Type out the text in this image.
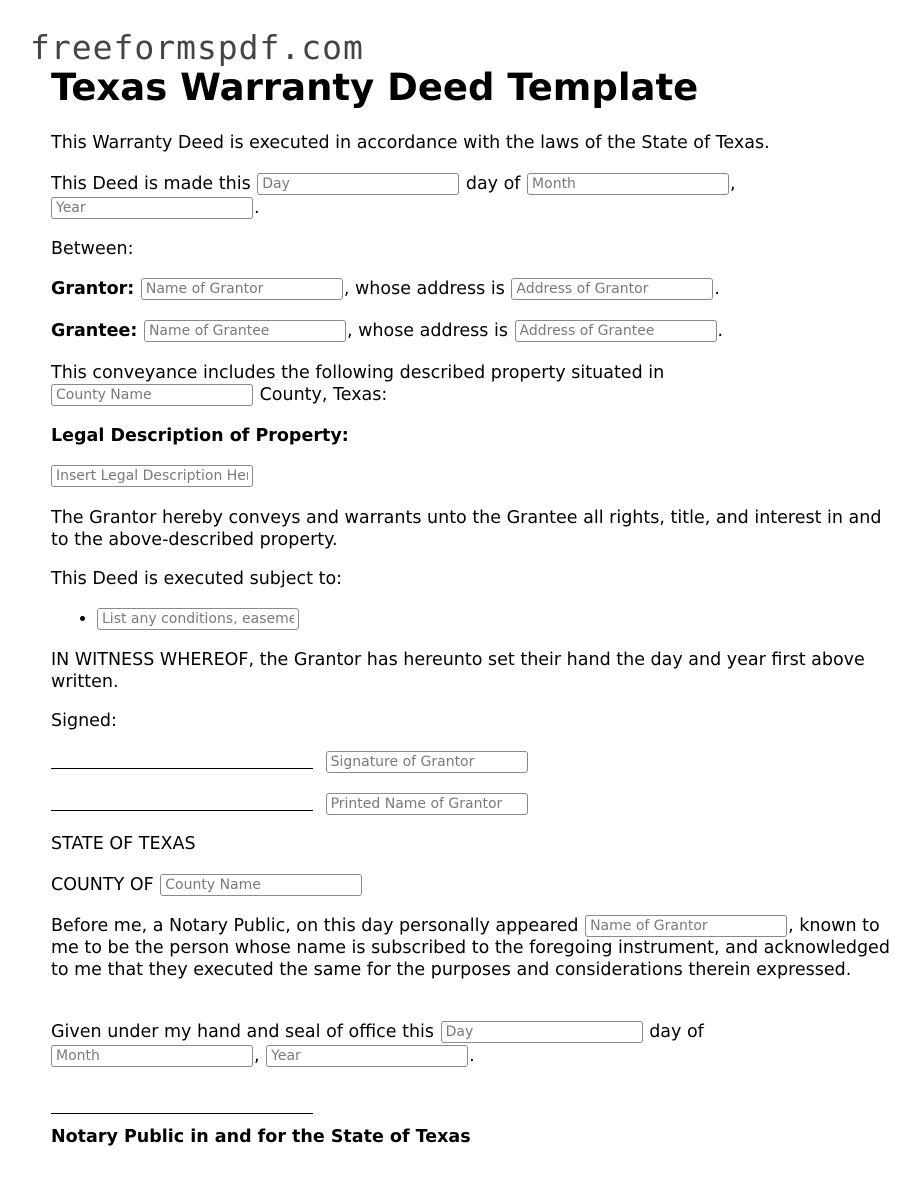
freeformspdf.com
Texas Warranty Deed Template

This Warranty Deed is executed in accordance with the laws of the State of Texas.

This Deed is made this Day	day of Month	,

Year.

Between:

Grantor: Name of Grantor	, whose address is Address of Grantor	.

Grantee: Name of Grantee	, whose address is Address of Grantee	.

This conveyance includes the following described property situated in

County Name County, Texas:

Legal Description of Property:

Insert Legal Description Here

The Grantor hereby conveys and warrants unto the Grantee all rights, title, and interest in and to the above-described property.

This Deed is executed subject to:

• List any conditions, easements

IN WITNESS WHEREOF, the Grantor has hereunto set their hand the day and year first above written.

Signed:

Signature of Grantor

Printed Name of Grantor

STATE OF TEXAS

COUNTY OF County Name

Before me, a Notary Public, on this day personally appeared Name of Grantor	, known to me to be the person whose name is subscribed to the foregoing instrument, and acknowledged to me that they executed the same for the purposes and considerations therein expressed.

Given under my hand and seal of office this Day	day of

Month, Year	.

Notary Public in and for the State of Texas
